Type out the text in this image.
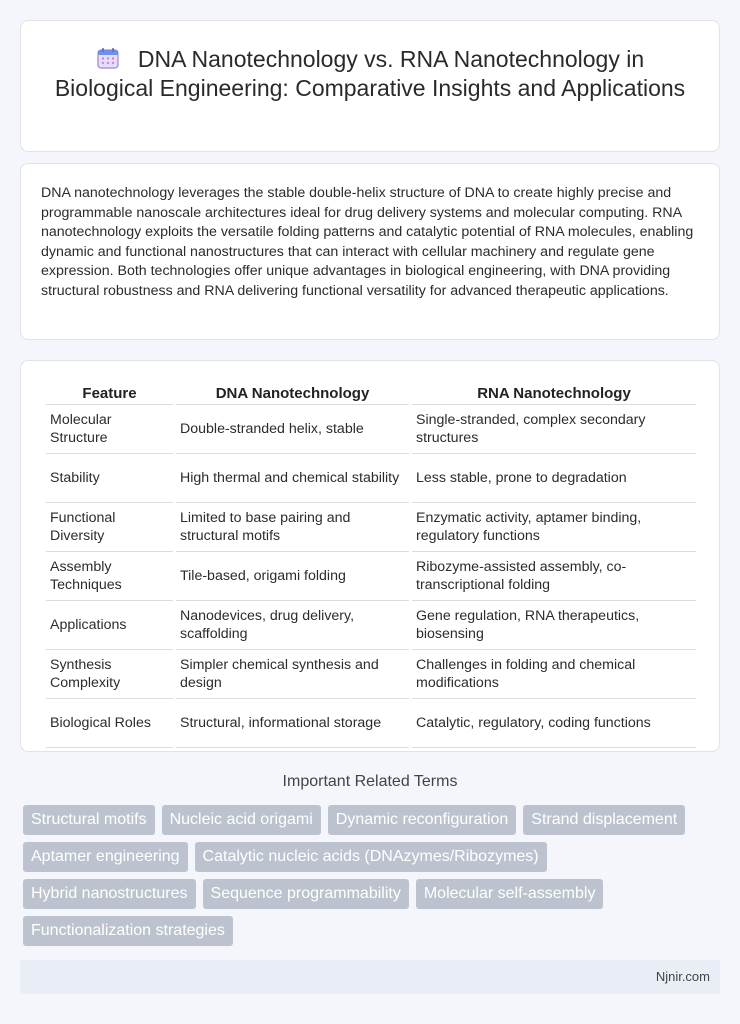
DNA Nanotechnology vs. RNA Nanotechnology in Biological Engineering: Comparative Insights and Applications

DNA nanotechnology leverages the stable double-helix structure of DNA to create highly precise and programmable nanoscale architectures ideal for drug delivery systems and molecular computing. RNA nanotechnology exploits the versatile folding patterns and catalytic potential of RNA molecules, enabling dynamic and functional nanostructures that can interact with cellular machinery and regulate gene expression. Both technologies offer unique advantages in biological engineering, with DNA providing structural robustness and RNA delivering functional versatility for advanced therapeutic applications.

Feature	DNA Nanotechnology	RNA Nanotechnology
Molecular Structure	Double-stranded helix, stable	Single-stranded, complex secondary structures
Stability	High thermal and chemical stability	Less stable, prone to degradation
Functional Diversity	Limited to base pairing and structural motifs	Enzymatic activity, aptamer binding, regulatory functions
Assembly Techniques	Tile-based, origami folding	Ribozyme-assisted assembly, co-transcriptional folding
Applications	Nanodevices, drug delivery, scaffolding	Gene regulation, RNA therapeutics, biosensing
Synthesis Complexity	Simpler chemical synthesis and design	Challenges in folding and chemical modifications
Biological Roles	Structural, informational storage	Catalytic, regulatory, coding functions
Important Related Terms
Structural motifs	Nucleic acid origami	Dynamic reconfiguration	Strand displacement
Aptamer engineering	Catalytic nucleic acids (DNAzymes/Ribozymes)
Hybrid nanostructures	Sequence programmability	Molecular self-assembly
Functionalization strategies
Njnir.com
